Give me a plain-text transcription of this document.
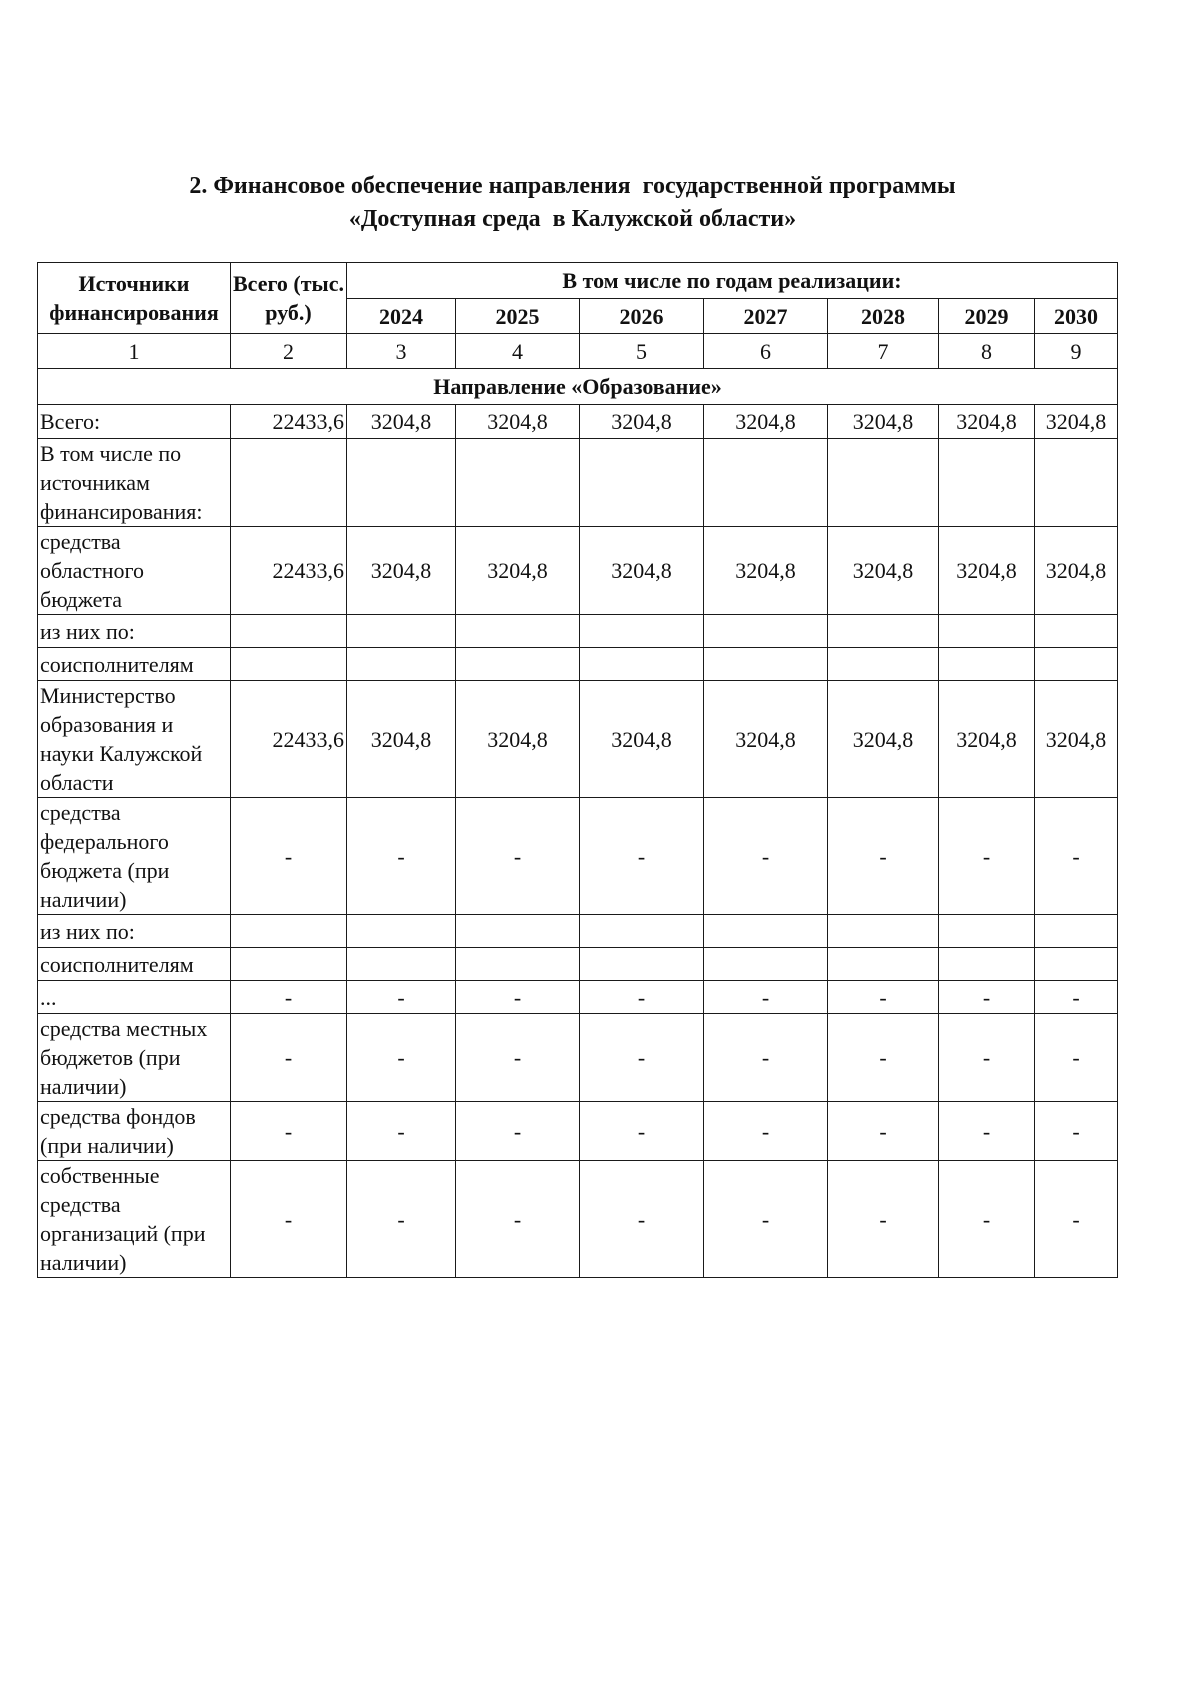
2. Финансовое обеспечение направления  государственной программы
«Доступная среда  в Калужской области»
Источники финансирования	Всего (тыс. руб.)	В том числе по годам реализации:						
		2024	2025	2026	2027	2028	2029	2030
1	2	3	4	5	6	7	8	9
Направление «Образование»								
Всего:	22433,6	3204,8	3204,8	3204,8	3204,8	3204,8	3204,8	3204,8
В том числе по источникам финансирования:								
средства областного бюджета	22433,6	3204,8	3204,8	3204,8	3204,8	3204,8	3204,8	3204,8
из них по:								
соисполнителям								
Министерство образования и науки Калужской области	22433,6	3204,8	3204,8	3204,8	3204,8	3204,8	3204,8	3204,8
средства федерального бюджета (при наличии)	-	-	-	-	-	-	-	-
из них по:								
соисполнителям								
...	-	-	-	-	-	-	-	-
средства местных бюджетов (при наличии)	-	-	-	-	-	-	-	-
средства фондов (при наличии)	-	-	-	-	-	-	-	-
собственные средства организаций (при наличии)	-	-	-	-	-	-	-	-
